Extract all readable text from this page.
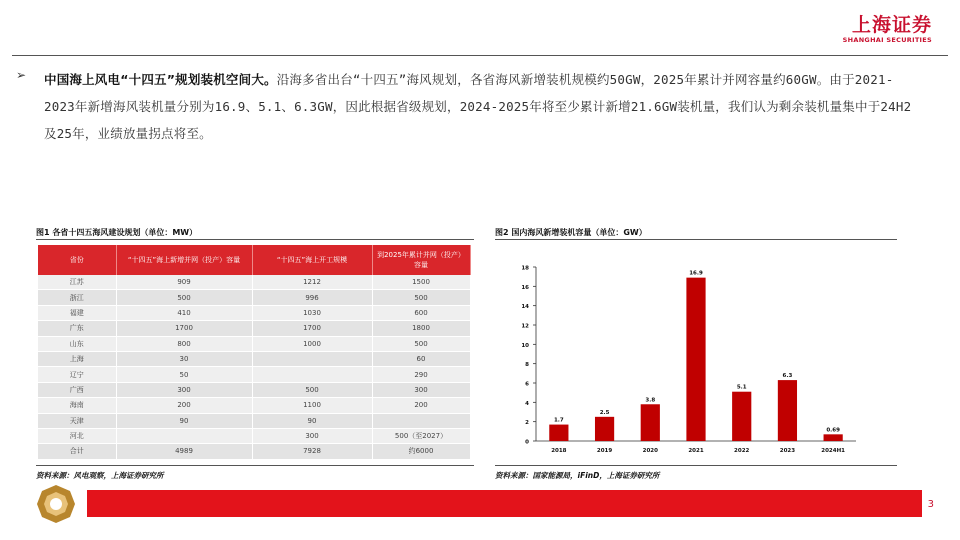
上海证券
SHANGHAI SECURITIES
➢ 中国海上风电“十四五”规划装机空间大。沿海多省出台“十四五”海风规划，各省海风新增装机规模约50GW，2025年累计并网容量约60GW。由于2021-2023年新增海风装机量分别为16.9、5.1、6.3GW，因此根据省级规划，2024-2025年将至少累计新增21.6GW装机量，我们认为剩余装机量集中于24H2及25年，业绩放量拐点将至。
图1 各省十四五海风建设规划（单位：MW）
省份	“十四五”海上新增并网（投产）容量	“十四五”海上开工规模	到2025年累计并网（投产）容量
江苏	909	1212	1500
浙江	500	996	500
福建	410	1030	600
广东	1700	1700	1800
山东	800	1000	500
上海	30		60
辽宁	50		290
广西	300	500	300
海南	200	1100	200
天津	90	90	
河北		300	500（至2027）
合计	4989	7928	约6000
资料来源：风电观察，上海证券研究所
图2 国内海风新增装机容量（单位：GW）
0
2
4
6
8
10
12
14
16
18
1.7
2018
2.5
2019
3.8
2020
16.9
2021
5.1
2022
6.3
2023
0.69
2024H1
资料来源：国家能源局，iFinD，上海证券研究所
3
